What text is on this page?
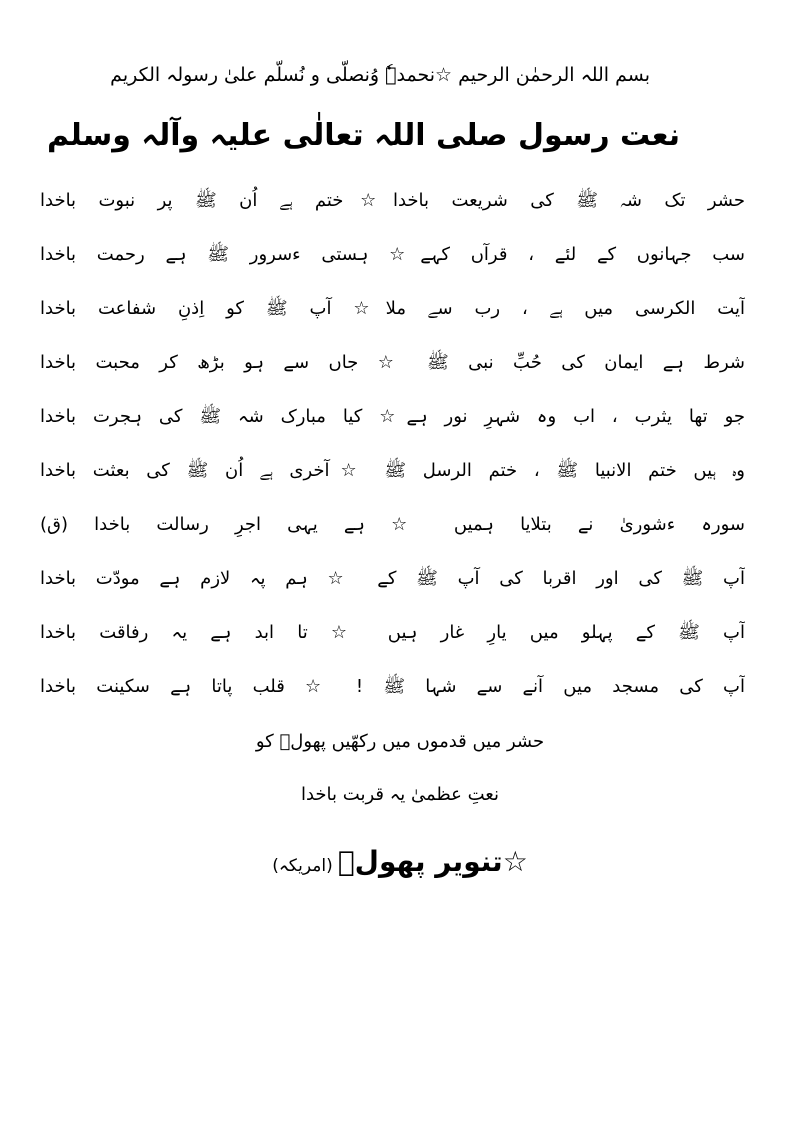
بسم اللہ الرحمٰن الرحیم ☆نحمدہٗ وُنصلّی و نُسلّم علیٰ رسولہ الکریم
نعت رسول صلی اللہ تعالٰی علیہ وآلہ وسلم
حشر تک شہ ﷺ کی شریعت باخدا☆ختم ہے اُن ﷺ پر نبوت باخدا
سب جہانوں کے لئے ، قرآں کہے☆ ہستی ءسرور ﷺ ہے رحمت باخدا
آیت الکرسی میں ہے ، رب سے ملا☆ آپ ﷺ کو اِذنِ شفاعت باخدا
شرط ہے ایمان کی حُبِّ نبی ﷺ ☆ جاں سے ہو بڑھ کر محبت باخدا
جو تھا یثرب ، اب وہ شہرِ نور ہے☆ کیا مبارک شہ ﷺ کی ہجرت باخدا
وہ ہیں ختم الانبیا ﷺ ، ختم الرسل ﷺ ☆آخری ہے اُن ﷺ کی بعثت باخدا
سورہ ءشوریٰ نے بتلایا ہمیں ☆ ہے یہی اجرِ رسالت باخدا (ق)
آپ ﷺ کی اور اقربا کی آپ ﷺ کے ☆ ہم پہ لازم ہے مودّت باخدا
آپ ﷺ کے پہلو میں یارِ غار ہیں ☆ تا ابد ہے یہ رفاقت باخدا
آپ کی مسجد میں آنے سے شہا ﷺ ! ☆ قلب پاتا ہے سکینت باخدا
حشر میں قدموں میں رکھّیں پھولؔ کو
نعتِ عظمیٰ یہ قربت باخدا
☆تنویر پھولؔ (امریکہ)
